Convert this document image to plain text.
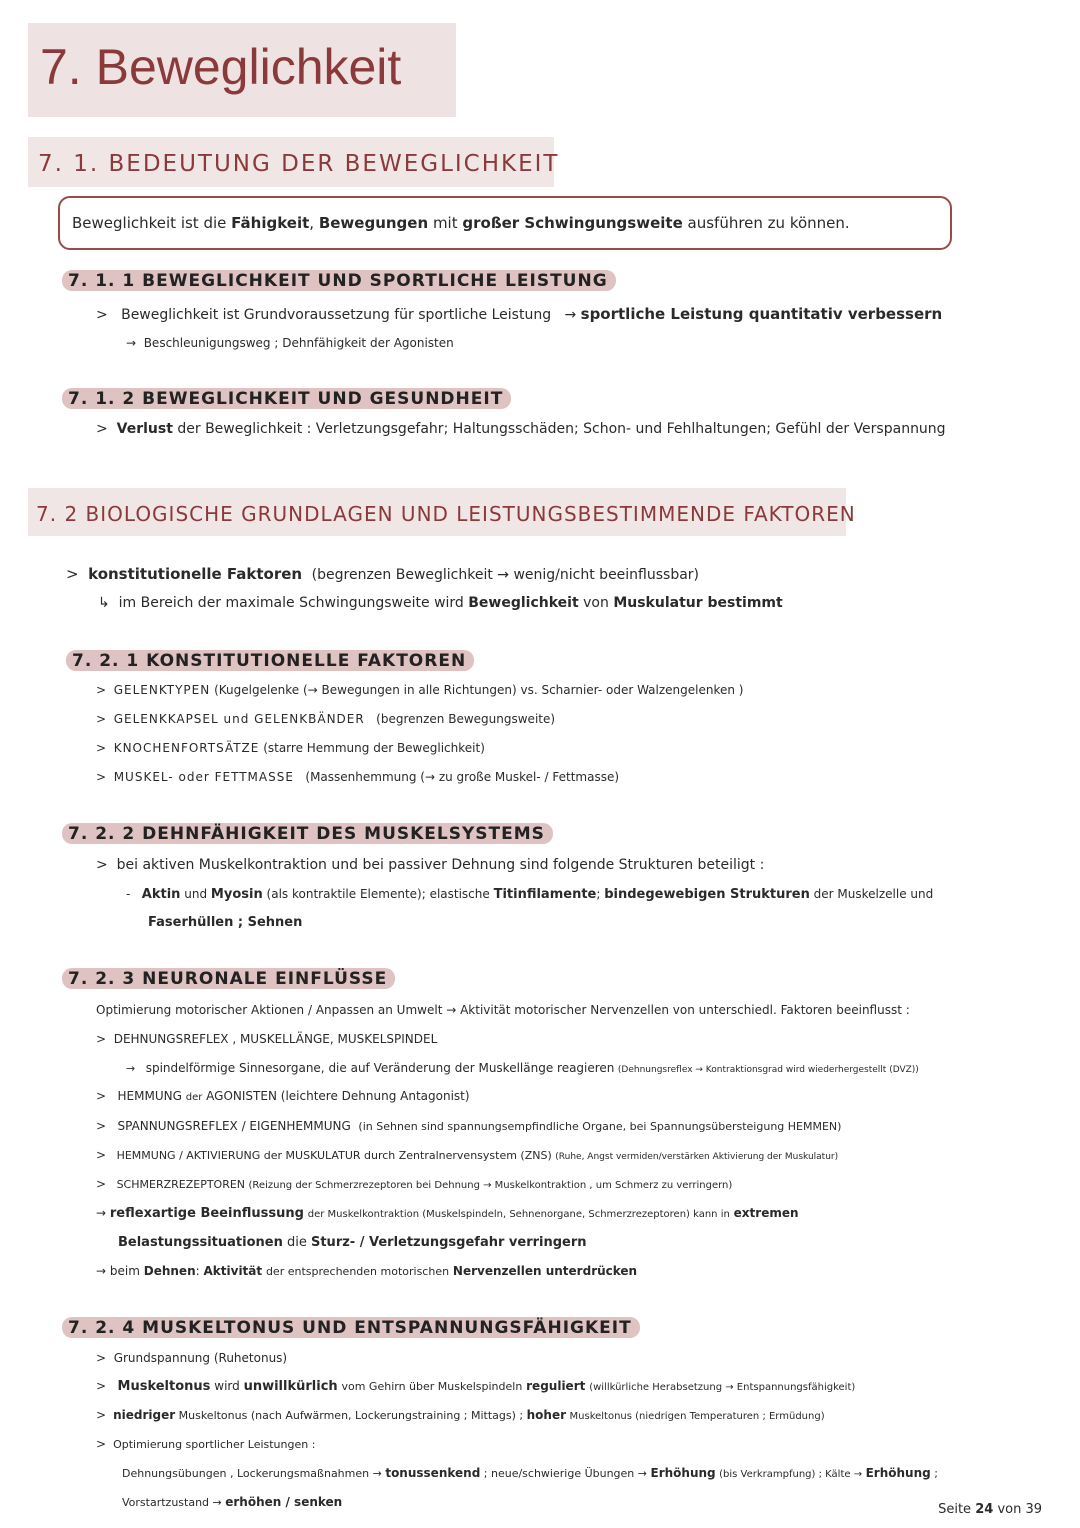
7. Beweglichkeit
7. 1. BEDEUTUNG DER BEWEGLICHKEIT
Beweglichkeit ist die Fähigkeit, Bewegungen mit großer Schwingungsweite ausführen zu können.
7. 1. 1 BEWEGLICHKEIT UND SPORTLICHE LEISTUNG
> Beweglichkeit ist Grundvoraussetzung für sportliche Leistung → sportliche Leistung quantitativ verbessern
→ Beschleunigungsweg ; Dehnfähigkeit der Agonisten
7. 1. 2 BEWEGLICHKEIT UND GESUNDHEIT
> Verlust der Beweglichkeit : Verletzungsgefahr; Haltungsschäden; Schon- und Fehlhaltungen; Gefühl der Verspannung
7. 2 BIOLOGISCHE GRUNDLAGEN UND LEISTUNGSBESTIMMENDE FAKTOREN
> konstitutionelle Faktoren (begrenzen Beweglichkeit → wenig/nicht beeinflussbar)
↳ im Bereich der maximale Schwingungsweite wird Beweglichkeit von Muskulatur bestimmt
7. 2. 1 KONSTITUTIONELLE FAKTOREN
> GELENKTYPEN (Kugelgelenke (→ Bewegungen in alle Richtungen) vs. Scharnier- oder Walzengelenken )
> GELENKKAPSEL und GELENKBÄNDER (begrenzen Bewegungsweite)
> KNOCHENFORTSÄTZE (starre Hemmung der Beweglichkeit)
> MUSKEL- oder FETTMASSE (Massenhemmung (→ zu große Muskel- / Fettmasse)
7. 2. 2 DEHNFÄHIGKEIT DES MUSKELSYSTEMS
> bei aktiven Muskelkontraktion und bei passiver Dehnung sind folgende Strukturen beteiligt :
- Aktin und Myosin (als kontraktile Elemente); elastische Titinfilamente; bindegewebigen Strukturen der Muskelzelle und
Faserhüllen ; Sehnen
7. 2. 3 NEURONALE EINFLÜSSE
Optimierung motorischer Aktionen / Anpassen an Umwelt → Aktivität motorischer Nervenzellen von unterschiedl. Faktoren beeinflusst :
> DEHNUNGSREFLEX , MUSKELLÄNGE, MUSKELSPINDEL
→ spindelförmige Sinnesorgane, die auf Veränderung der Muskellänge reagieren (Dehnungsreflex → Kontraktionsgrad wird wiederhergestellt (DVZ))
> HEMMUNG der AGONISTEN (leichtere Dehnung Antagonist)
> SPANNUNGSREFLEX / EIGENHEMMUNG (in Sehnen sind spannungsempfindliche Organe, bei Spannungsübersteigung HEMMEN)
> HEMMUNG / AKTIVIERUNG der MUSKULATUR durch Zentralnervensystem (ZNS) (Ruhe, Angst vermiden/verstärken Aktivierung der Muskulatur)
> SCHMERZREZEPTOREN (Reizung der Schmerzrezeptoren bei Dehnung → Muskelkontraktion , um Schmerz zu verringern)
→ reflexartige Beeinflussung der Muskelkontraktion (Muskelspindeln, Sehnenorgane, Schmerzrezeptoren) kann in extremen
Belastungssituationen die Sturz- / Verletzungsgefahr verringern
→ beim Dehnen: Aktivität der entsprechenden motorischen Nervenzellen unterdrücken
7. 2. 4 MUSKELTONUS UND ENTSPANNUNGSFÄHIGKEIT
> Grundspannung (Ruhetonus)
> Muskeltonus wird unwillkürlich vom Gehirn über Muskelspindeln reguliert (willkürliche Herabsetzung → Entspannungsfähigkeit)
> niedriger Muskeltonus (nach Aufwärmen, Lockerungstraining ; Mittags) ; hoher Muskeltonus (niedrigen Temperaturen ; Ermüdung)
> Optimierung sportlicher Leistungen :
Dehnungsübungen , Lockerungsmaßnahmen → tonussenkend ; neue/schwierige Übungen → Erhöhung (bis Verkrampfung) ; Kälte → Erhöhung ;
Vorstartzustand → erhöhen / senken	Seite 24 von 39
